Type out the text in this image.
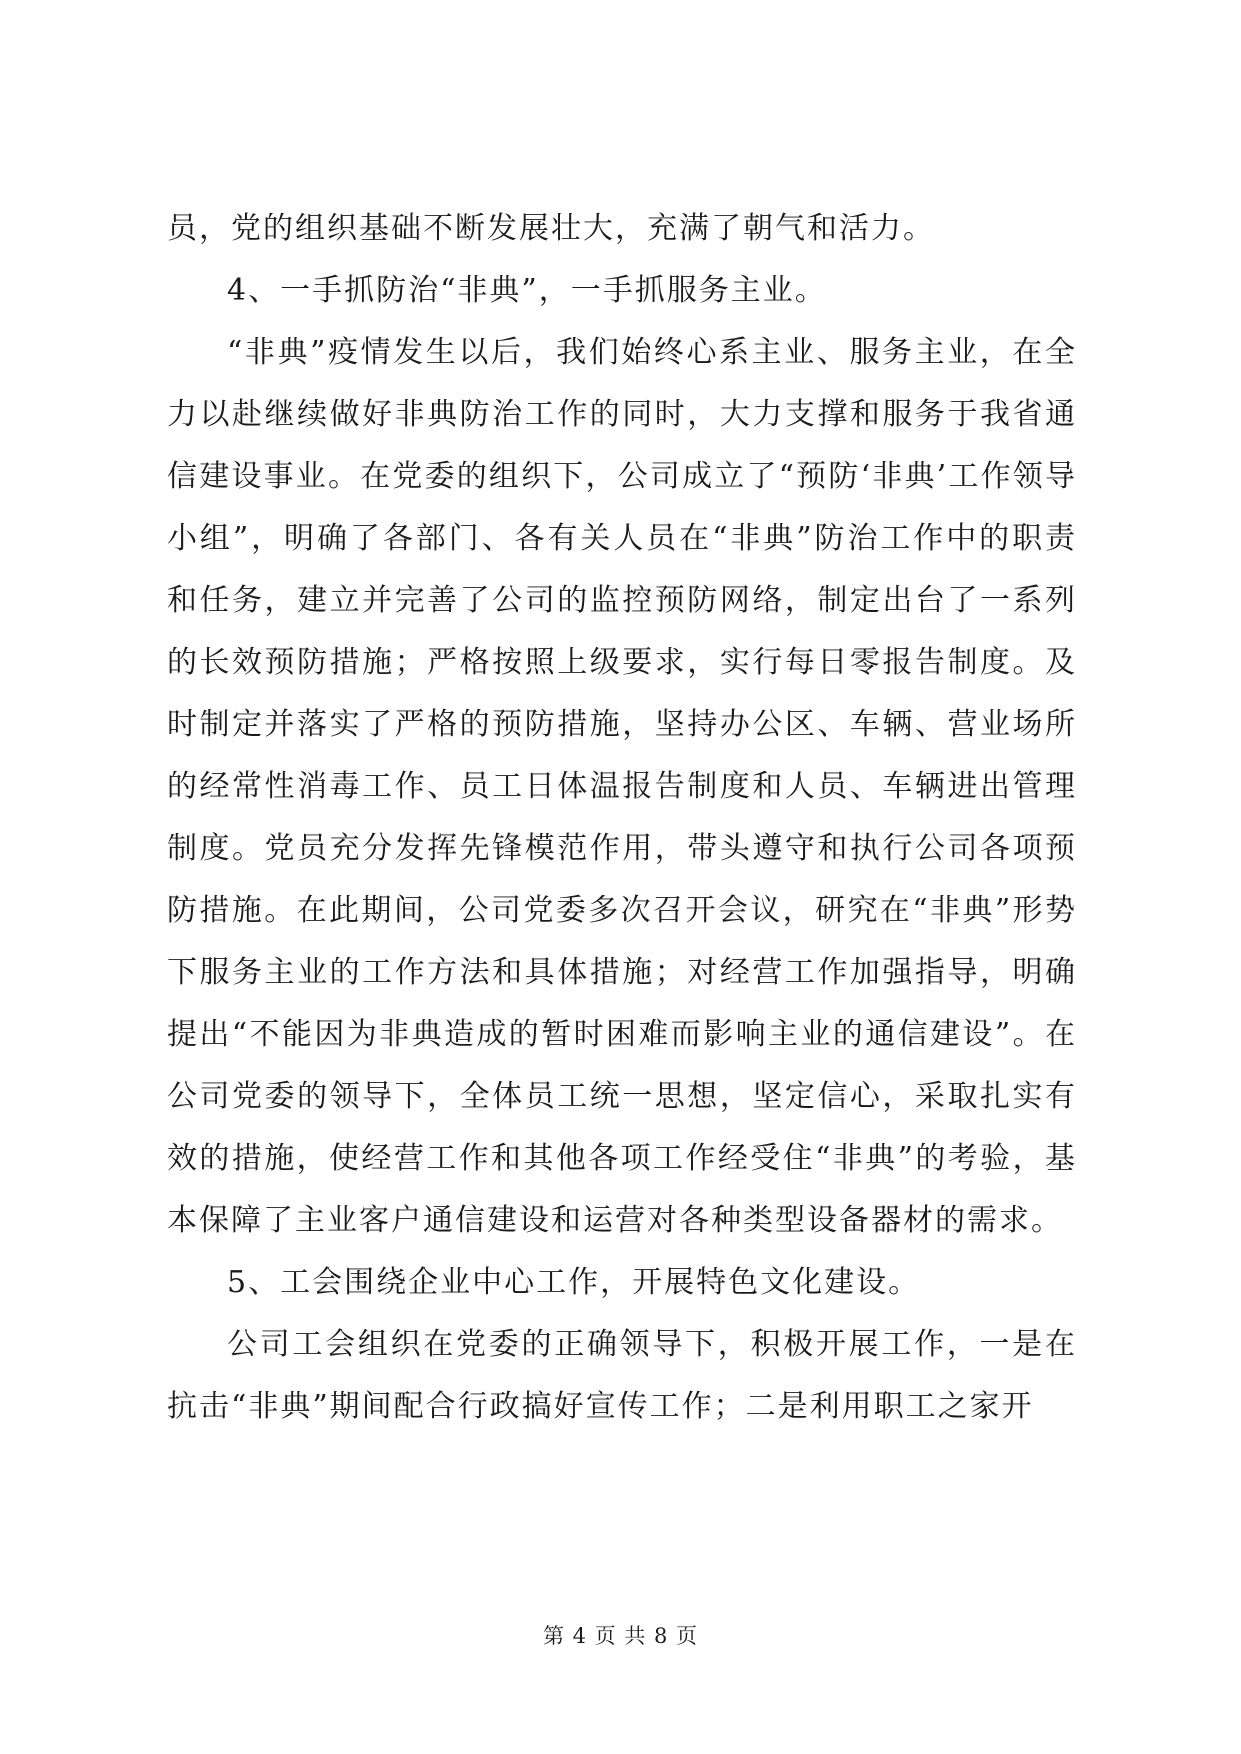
员，党的组织基础不断发展壮大，充满了朝气和活力。

4、一手抓防治“非典”，一手抓服务主业。

“非典”疫情发生以后，我们始终心系主业、服务主业，在全力以赴继续做好非典防治工作的同时，大力支撑和服务于我省通信建设事业。在党委的组织下，公司成立了“预防‘非典’工作领导小组”，明确了各部门、各有关人员在“非典”防治工作中的职责和任务，建立并完善了公司的监控预防网络，制定出台了一系列的长效预防措施；严格按照上级要求，实行每日零报告制度。及时制定并落实了严格的预防措施，坚持办公区、车辆、营业场所的经常性消毒工作、员工日体温报告制度和人员、车辆进出管理制度。党员充分发挥先锋模范作用，带头遵守和执行公司各项预防措施。在此期间，公司党委多次召开会议，研究在“非典”形势下服务主业的工作方法和具体措施；对经营工作加强指导，明确提出“不能因为非典造成的暂时困难而影响主业的通信建设”。在公司党委的领导下，全体员工统一思想，坚定信心，采取扎实有效的措施，使经营工作和其他各项工作经受住“非典”的考验，基本保障了主业客户通信建设和运营对各种类型设备器材的需求。

5、工会围绕企业中心工作，开展特色文化建设。

公司工会组织在党委的正确领导下，积极开展工作，一是在抗击“非典”期间配合行政搞好宣传工作；二是利用职工之家开

第 4 页 共 8 页
